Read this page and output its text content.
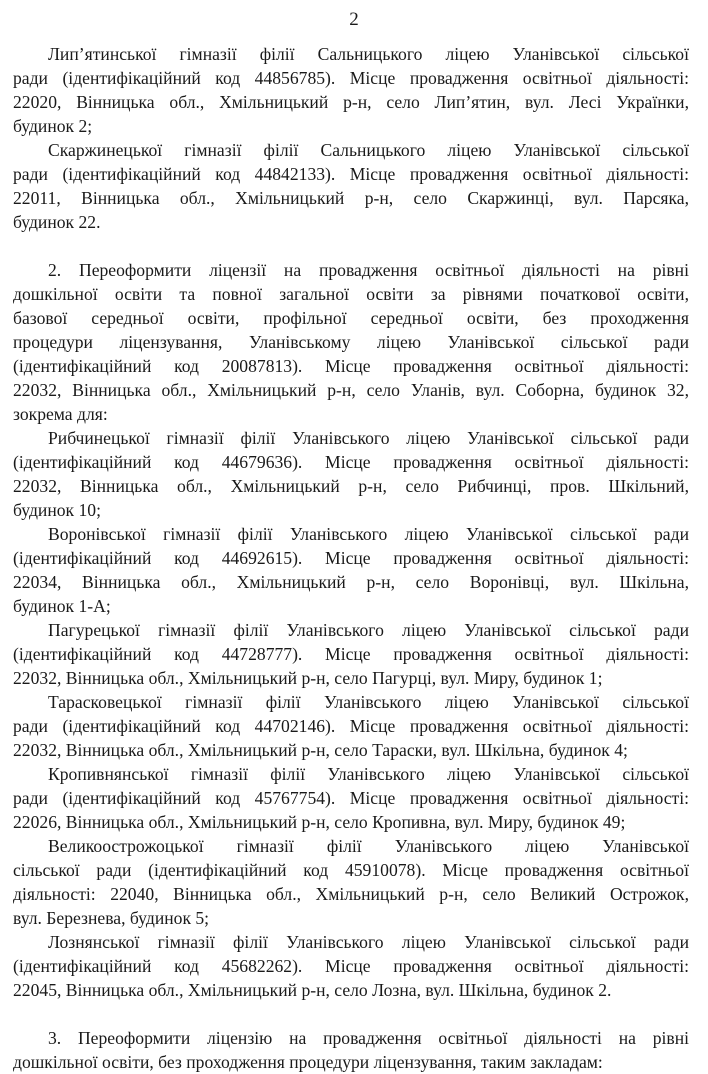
2
Лип’ятинської гімназії філії Сальницького ліцею Уланівської сільської
ради (ідентифікаційний код 44856785). Місце провадження освітньої діяльності:
22020, Вінницька обл., Хмільницький р-н, село Лип’ятин, вул. Лесі Українки,
будинок 2;
Скаржинецької гімназії філії Сальницького ліцею Уланівської сільської
ради (ідентифікаційний код 44842133). Місце провадження освітньої діяльності:
22011, Вінницька обл., Хмільницький р-н, село Скаржинці, вул. Парсяка,
будинок 22.
2. Переоформити ліцензії на провадження освітньої діяльності на рівні
дошкільної освіти та повної загальної освіти за рівнями початкової освіти,
базової середньої освіти, профільної середньої освіти, без проходження
процедури ліцензування, Уланівському ліцею Уланівської сільської ради
(ідентифікаційний код 20087813). Місце провадження освітньої діяльності:
22032, Вінницька обл., Хмільницький р-н, село Уланів, вул. Соборна, будинок 32,
зокрема для:
Рибчинецької гімназії філії Уланівського ліцею Уланівської сільської ради
(ідентифікаційний код 44679636). Місце провадження освітньої діяльності:
22032, Вінницька обл., Хмільницький р-н, село Рибчинці, пров. Шкільний,
будинок 10;
Воронівської гімназії філії Уланівського ліцею Уланівської сільської ради
(ідентифікаційний код 44692615). Місце провадження освітньої діяльності:
22034, Вінницька обл., Хмільницький р-н, село Воронівці, вул. Шкільна,
будинок 1-А;
Пагурецької гімназії філії Уланівського ліцею Уланівської сільської ради
(ідентифікаційний код 44728777). Місце провадження освітньої діяльності:
22032, Вінницька обл., Хмільницький р-н, село Пагурці, вул. Миру, будинок 1;
Тарасковецької гімназії філії Уланівського ліцею Уланівської сільської
ради (ідентифікаційний код 44702146). Місце провадження освітньої діяльності:
22032, Вінницька обл., Хмільницький р-н, село Тараски, вул. Шкільна, будинок 4;
Кропивнянської гімназії філії Уланівського ліцею Уланівської сільської
ради (ідентифікаційний код 45767754). Місце провадження освітньої діяльності:
22026, Вінницька обл., Хмільницький р-н, село Кропивна, вул. Миру, будинок 49;
Великоострожоцької гімназії філії Уланівського ліцею Уланівської
сільської ради (ідентифікаційний код 45910078). Місце провадження освітньої
діяльності: 22040, Вінницька обл., Хмільницький р-н, село Великий Острожок,
вул. Березнева, будинок 5;
Лознянської гімназії філії Уланівського ліцею Уланівської сільської ради
(ідентифікаційний код 45682262). Місце провадження освітньої діяльності:
22045, Вінницька обл., Хмільницький р-н, село Лозна, вул. Шкільна, будинок 2.
3. Переоформити ліцензію на провадження освітньої діяльності на рівні
дошкільної освіти, без проходження процедури ліцензування, таким закладам:
